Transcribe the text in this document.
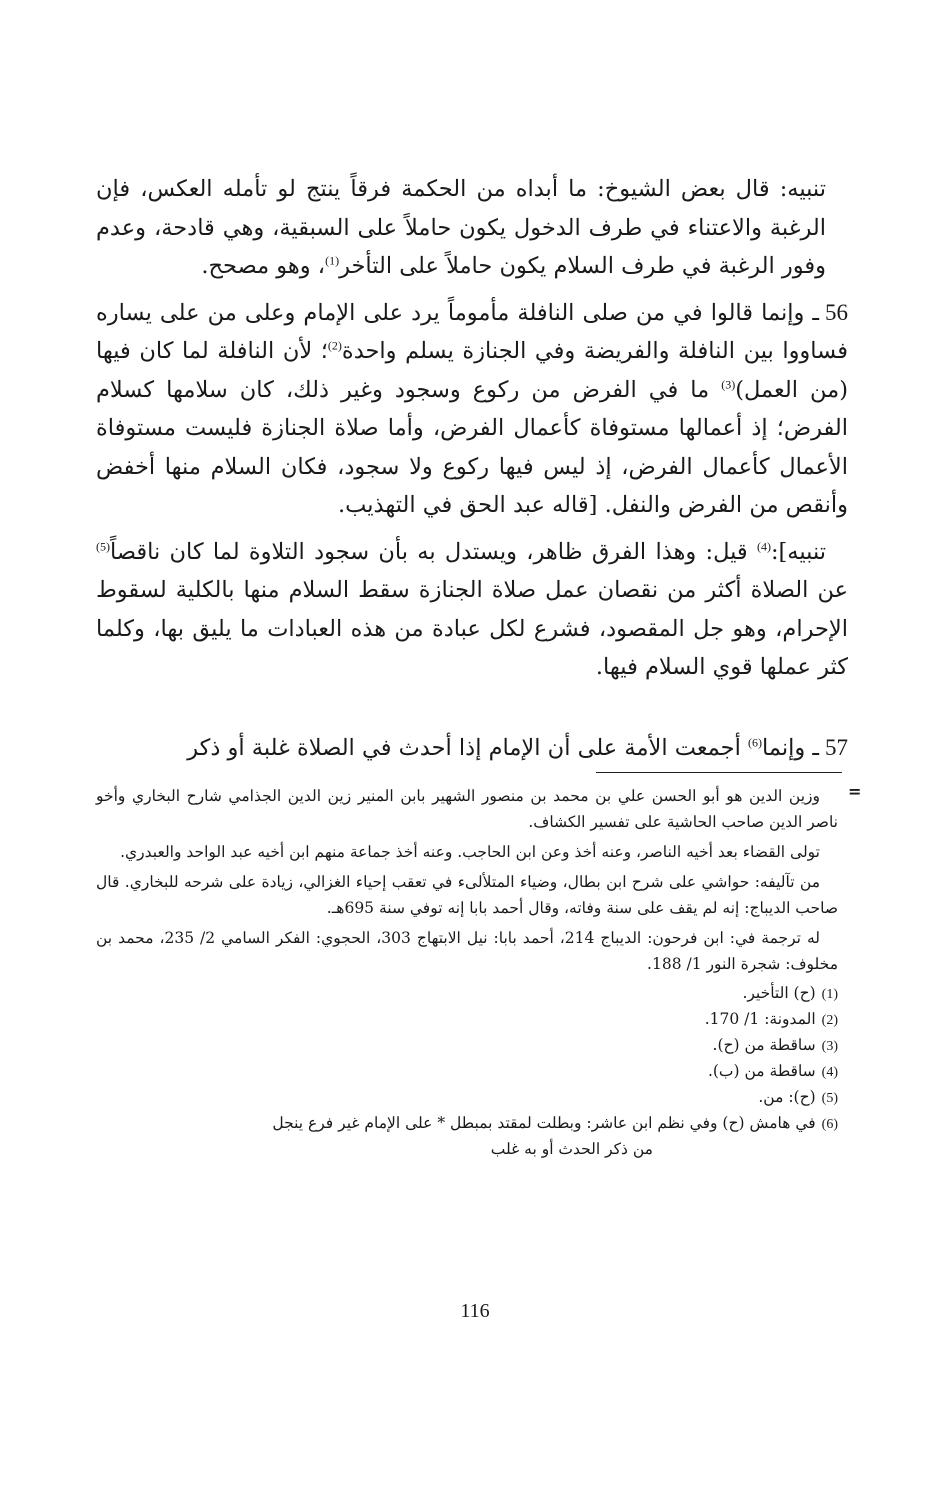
تنبيه: قال بعض الشيوخ: ما أبداه من الحكمة فرقاً ينتج لو تأمله العكس، فإن الرغبة والاعتناء في طرف الدخول يكون حاملاً على السبقية، وهي قادحة، وعدم وفور الرغبة في طرف السلام يكون حاملاً على التأخر$^{(1)}$، وهو مصحح.

56ـ وإنما قالوا في من صلى النافلة مأموماً يرد على الإمام وعلى من على يساره فساووا بين النافلة والفريضة وفي الجنازة يسلم واحدة$^{(2)}$؛ لأن النافلة لما كان فيها (من العمل)$^{(3)}$ ما في الفرض من ركوع وسجود وغير ذلك، كان سلامها كسلام الفرض؛ إذ أعمالها مستوفاة كأعمال الفرض، وأما صلاة الجنازة فليست مستوفاة الأعمال كأعمال الفرض، إذ ليس فيها ركوع ولا سجود، فكان السلام منها أخفض وأنقص من الفرض والنفل. [قاله عبد الحق في التهذيب.

تنبيه]:$^{(4)}$ قيل: وهذا الفرق ظاهر، ويستدل به بأن سجود التلاوة لما كان ناقصاً$^{(5)}$ عن الصلاة أكثر من نقصان عمل صلاة الجنازة سقط السلام منها بالكلية لسقوط الإحرام، وهو جل المقصود، فشرع لكل عبادة من هذه العبادات ما يليق بها، وكلما كثر عملها قوي السلام فيها.

57ـ وإنما$^{(6)}$ أجمعت الأمة على أن الإمام إذا أحدث في الصلاة غلبة أو ذكر
=

وزين الدين هو أبو الحسن علي بن محمد بن منصور الشهير بابن المنير زين الدين الجذامي شارح البخاري وأخو ناصر الدين صاحب الحاشية على تفسير الكشاف.

تولى القضاء بعد أخيه الناصر، وعنه أخذ وعن ابن الحاجب. وعنه أخذ جماعة منهم ابن أخيه عبد الواحد والعبدري.

من تآليفه: حواشي على شرح ابن بطال، وضياء المتلألىء في تعقب إحياء الغزالي، زيادة على شرحه للبخاري. قال صاحب الديباج: إنه لم يقف على سنة وفاته، وقال أحمد بابا إنه توفي سنة 695هـ.

له ترجمة في: ابن فرحون: الديباج 214، أحمد بابا: نيل الابتهاج 303، الحجوي: الفكر السامي 2/ 235، محمد بن مخلوف: شجرة النور 1/ 188.

(1)(ح) التأخير.
(2)المدونة: 1/ 170.
(3)ساقطة من (ح).
(4)ساقطة من (ب).
(5)(ح): من.
(6)في هامش (ح) وفي نظم ابن عاشر: وبطلت لمقتد بمبطل * على الإمام غير فرع ينجل
من ذكر الحدث أو به غلب
116
